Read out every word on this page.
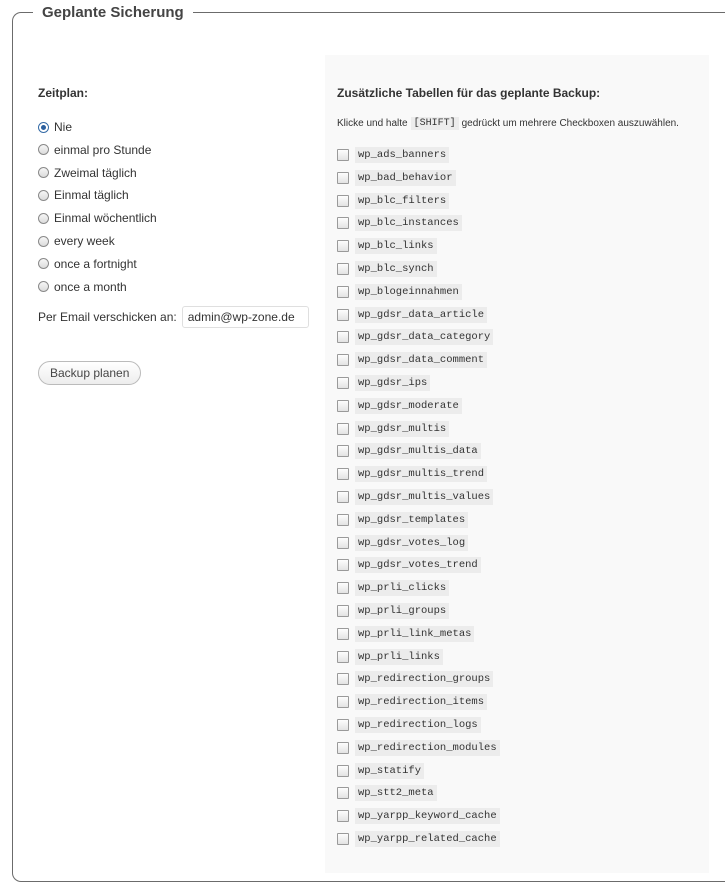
Geplante Sicherung
Zeitplan:
Nie
einmal pro Stunde
Zweimal täglich
Einmal täglich
Einmal wöchentlich
every week
once a fortnight
once a month
Per Email verschicken an:
admin@wp-zone.de
Backup planen
Zusätzliche Tabellen für das geplante Backup:
Klicke und halte [SHIFT] gedrückt um mehrere Checkboxen auszuwählen.
wp_ads_banners
wp_bad_behavior
wp_blc_filters
wp_blc_instances
wp_blc_links
wp_blc_synch
wp_blogeinnahmen
wp_gdsr_data_article
wp_gdsr_data_category
wp_gdsr_data_comment
wp_gdsr_ips
wp_gdsr_moderate
wp_gdsr_multis
wp_gdsr_multis_data
wp_gdsr_multis_trend
wp_gdsr_multis_values
wp_gdsr_templates
wp_gdsr_votes_log
wp_gdsr_votes_trend
wp_prli_clicks
wp_prli_groups
wp_prli_link_metas
wp_prli_links
wp_redirection_groups
wp_redirection_items
wp_redirection_logs
wp_redirection_modules
wp_statify
wp_stt2_meta
wp_yarpp_keyword_cache
wp_yarpp_related_cache
